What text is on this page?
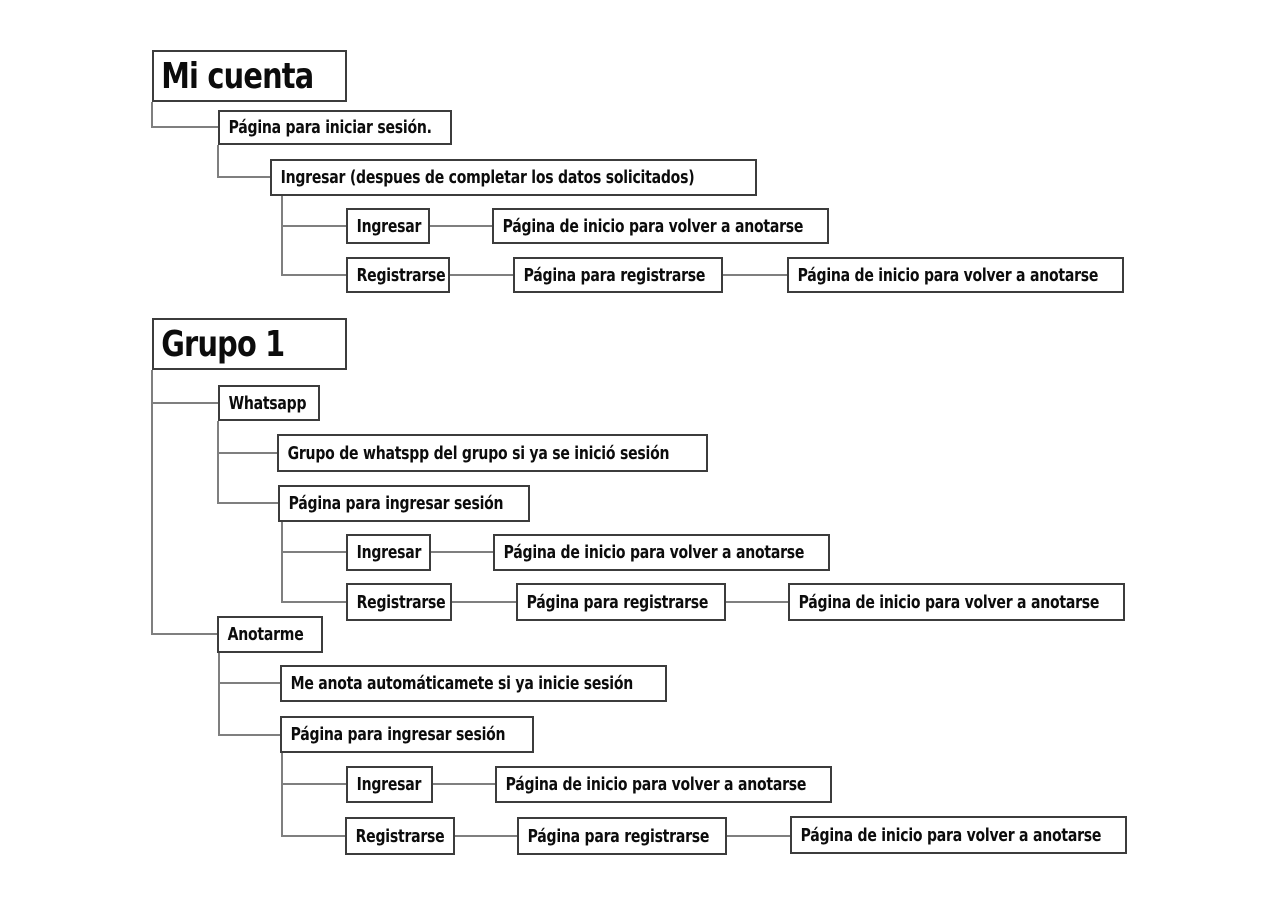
Mi cuenta
Página para iniciar sesión.
Ingresar (despues de completar los datos solicitados)
Ingresar	Página de inicio para volver a anotarse
Registrarse	Página para registrarse	Página de inicio para volver a anotarse
Grupo 1
Whatsapp
Grupo de whatspp del grupo si ya se inició sesión
Página para ingresar sesión
Ingresar	Página de inicio para volver a anotarse
Registrarse	Página para registrarse	Página de inicio para volver a anotarse
Anotarme
Me anota automáticamete si ya inicie sesión
Página para ingresar sesión
Ingresar	Página de inicio para volver a anotarse
Registrarse	Página para registrarse	Página de inicio para volver a anotarse
